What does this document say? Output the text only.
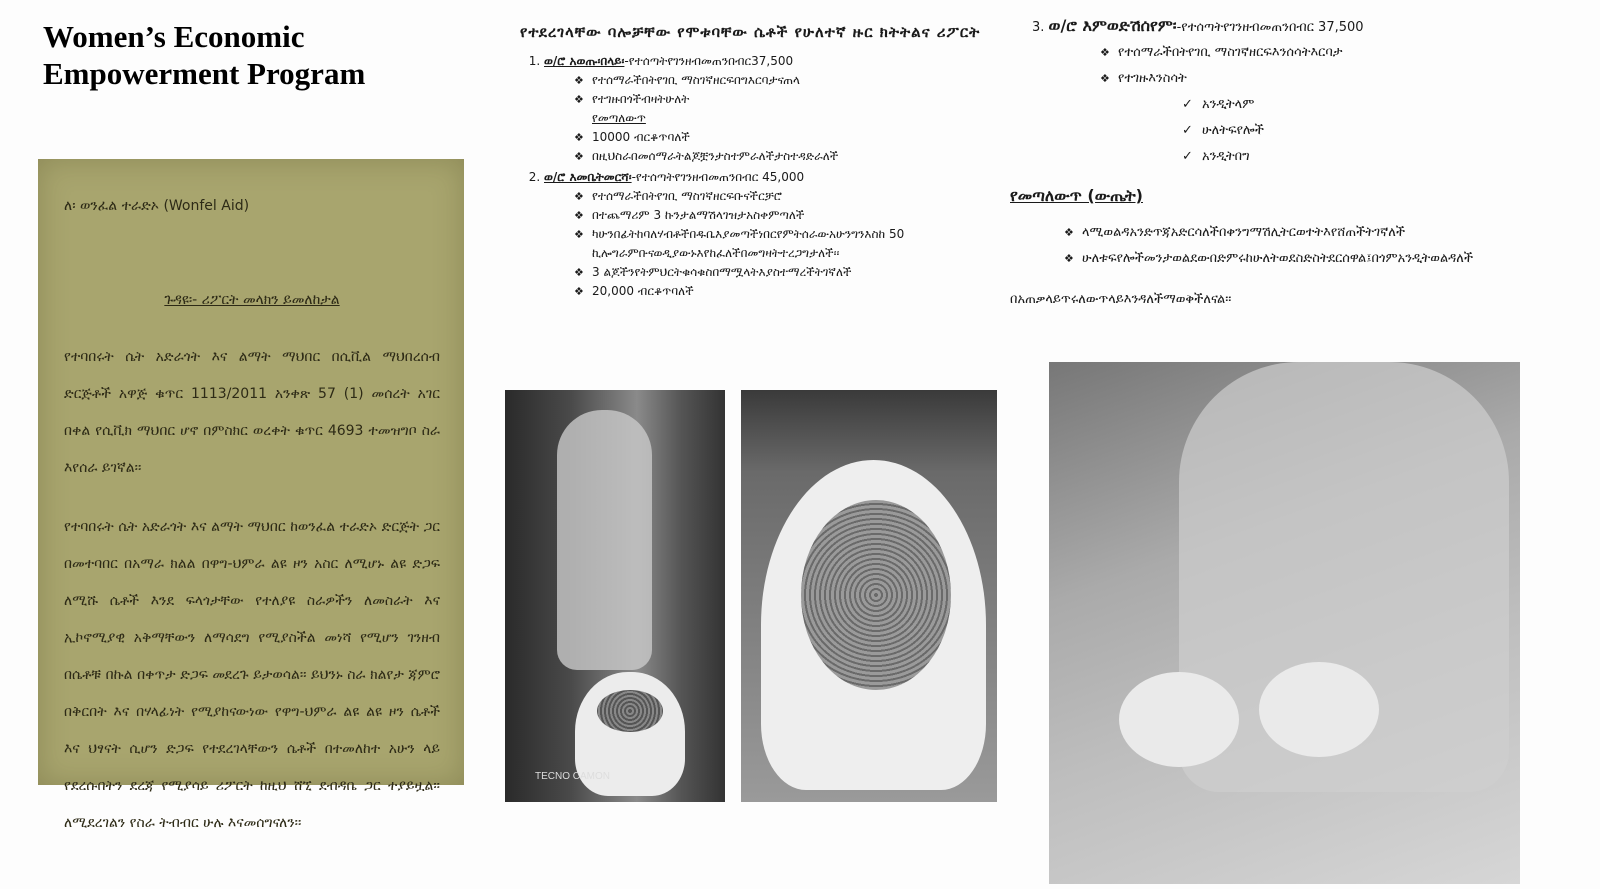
Women’s Economic
Empowerment Program
ለ፡ ወንፈል ተራድኦ (Wonfel Aid)
ጉዳዩ፡- ሪፖርት መላክን ይመለከታል

የተባበሩት ሴት አድራጎት እና ልማት ማህበር በሲቪል ማህበረሰብ ድርጅቶች አዋጅ ቁጥር 1113/2011 አንቀጽ 57 (1) መሰረት አገር በቀል የሲቪክ ማህበር ሆኖ በምስክር ወረቀት ቁጥር 4693 ተመዝግቦ ስራ እየሰራ ይገኛል፡፡

የተባበሩት ሴት አድራጎት እና ልማት ማህበር ከወንፈል ተራድኦ ድርጅት ጋር በመተባበር በአማራ ክልል በዋግ-ህምራ ልዩ ዞን አስር ለሚሆኑ ልዩ ድጋፍ ለሚሹ ሴቶች እንደ ፍላጎታቸው የተለያዩ ስራዎችን ለመስራት እና ኢኮኖሚያዊ አቅማቸውን ለማሳደግ የሚያስችል መነሻ የሚሆን ገንዘብ በሴቶቹ በኩል በቀጥታ ድጋፍ መደረጉ ይታወሳል፡፡ ይህንኑ ስራ ክልየታ ጃምሮ በቅርበት እና በሃላፊነት የሚያከናውነው የዋግ-ህምራ ልዩ ልዩ ዞን ሴቶች እና ህፃናት ሲሆን ድጋፍ የተደረገላቸውን ሴቶች በተመለከተ አሁን ላይ የደረሱበትን ደረጃ የሚያሳይ ሪፖርት ከዚህ ሸኚ ደብዳቤ ጋር ተያይዟል፡፡ ለሚደረገልን የስራ ትብብር ሁሉ እናመሰግናለን፡፡

የተደረገላቸው ባሎቻቸው የሞቱባቸው ሴቶች የሁለተኛ ዙር ክትትልና ሪፖርት
1. ወ/ሮ አወጡ፡በላይ፡-የተሰጣትየገንዘብመጠንበብር37,500
❖ የተሰማራችበትየገቢ ማስገኛዘርፍበግእርባታናጠላ
❖ የተገዙበጎችብዛትሁለት
የመጣለውጥ
❖ 10000 ብርቆጥባለች
❖ በዚህስራበመሰማራትልጆቿንታስተምራለችታስተዳድራለች
2. ወ/ሮ እመቤትመርሻ፡-የተሰጣትየገንዘብመጠንበብር 45,000
❖ የተሰማራችበትየገቢ ማስገኛዘርፍቡናችርቻሮ
❖ በተጨማሪም 3 ኩንታልማሽላገዝታአስቀምጣለች
❖ ካሁንበፊትከባለሃብቶችበዱቤእያመጣችነበርየምትሰራውአሁንግንእስከ 50 ኪሎግራምቡናወዲያውኑእየከፈለችበመግዛትተረጋግታለች፡፡
❖ 3 ልጆችንየትምህርትቁሳቁስበማሟላትእያስተማረችትገኛለች
❖ 20,000 ብርቆጥባለች
3. ወ/ሮ እምወድሽሰየም፡-የተሰጣትየገንዘብመጠንበብር 37,500
❖ የተሰማራችበትየገቢ ማስገኛዘርፍእንሰሳትእርባታ
❖ የተገዙእንስሳት
✓ አንዲትላም
✓ ሁለትፍየሎች
✓ አንዲትበግ
የመጣለውጥ (ውጤት)
❖ ላሚወልዳአንድጥጃአድርሳለችበቀንግማሽሊትርወተትእየሸጠችትገኛለች
❖ ሁለቱፍየሎችመንታወልደውበድምሩከሁለትወደስድስትደርሰዋል፤በጎምአንዲትወልዳለች
በአጠቃላይጥሩለውጥላይእንዳለችማወቅችለናል፡፡
TECNO CAMON
